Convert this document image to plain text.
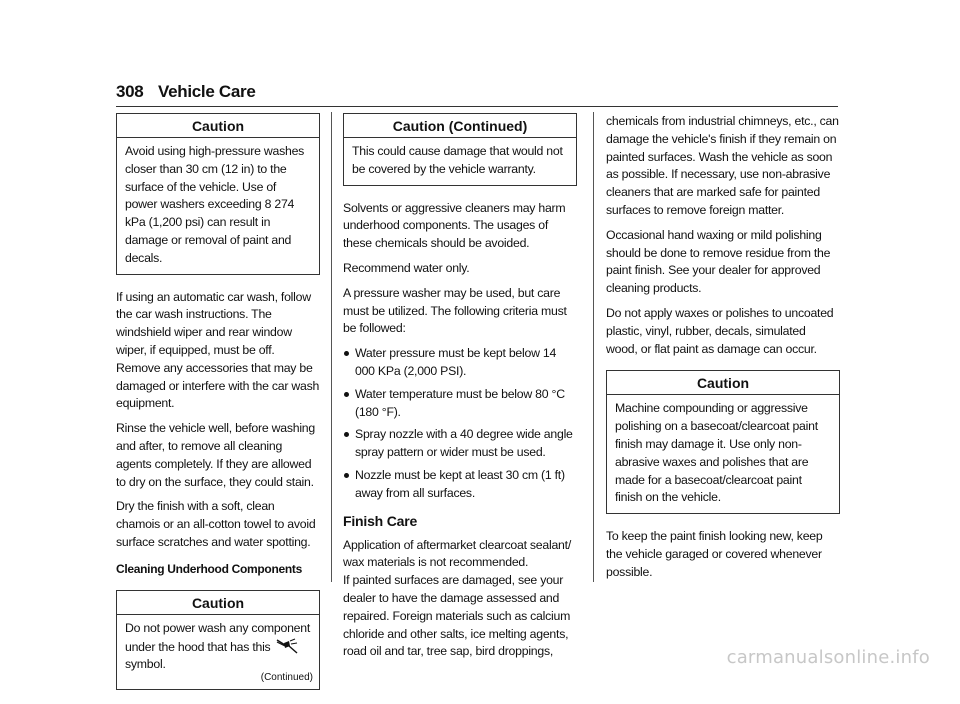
308 Vehicle Care
Caution
Avoid using high-pressure washes closer than 30 cm (12 in) to the surface of the vehicle. Use of power washers exceeding 8 274 kPa (1,200 psi) can result in damage or removal of paint and decals.

If using an automatic car wash, follow the car wash instructions. The windshield wiper and rear window wiper, if equipped, must be off. Remove any accessories that may be damaged or interfere with the car wash equipment.

Rinse the vehicle well, before washing and after, to remove all cleaning agents completely. If they are allowed to dry on the surface, they could stain.

Dry the finish with a soft, clean chamois or an all-cotton towel to avoid surface scratches and water spotting.

Cleaning Underhood Components
Caution
Do not power wash any component under the hood that has this
symbol.
(Continued)
Caution (Continued)
This could cause damage that would not be covered by the vehicle warranty.

Solvents or aggressive cleaners may harm underhood components. The usages of these chemicals should be avoided.

Recommend water only.

A pressure washer may be used, but care must be utilized. The following criteria must be followed:

Water pressure must be kept below 14 000 KPa (2,000 PSI).
Water temperature must be below 80 °C (180 °F).
Spray nozzle with a 40 degree wide angle spray pattern or wider must be used.
Nozzle must be kept at least 30 cm (1 ft) away from all surfaces.
Finish Care

Application of aftermarket clearcoat sealant/ wax materials is not recommended.

If painted surfaces are damaged, see your dealer to have the damage assessed and repaired. Foreign materials such as calcium chloride and other salts, ice melting agents, road oil and tar, tree sap, bird droppings,

chemicals from industrial chimneys, etc., can damage the vehicle's finish if they remain on painted surfaces. Wash the vehicle as soon as possible. If necessary, use non-abrasive cleaners that are marked safe for painted surfaces to remove foreign matter.

Occasional hand waxing or mild polishing should be done to remove residue from the paint finish. See your dealer for approved cleaning products.

Do not apply waxes or polishes to uncoated plastic, vinyl, rubber, decals, simulated wood, or flat paint as damage can occur.

Caution
Machine compounding or aggressive polishing on a basecoat/clearcoat paint finish may damage it. Use only non-abrasive waxes and polishes that are made for a basecoat/clearcoat paint finish on the vehicle.

To keep the paint finish looking new, keep the vehicle garaged or covered whenever possible.

carmanualsonline.info
